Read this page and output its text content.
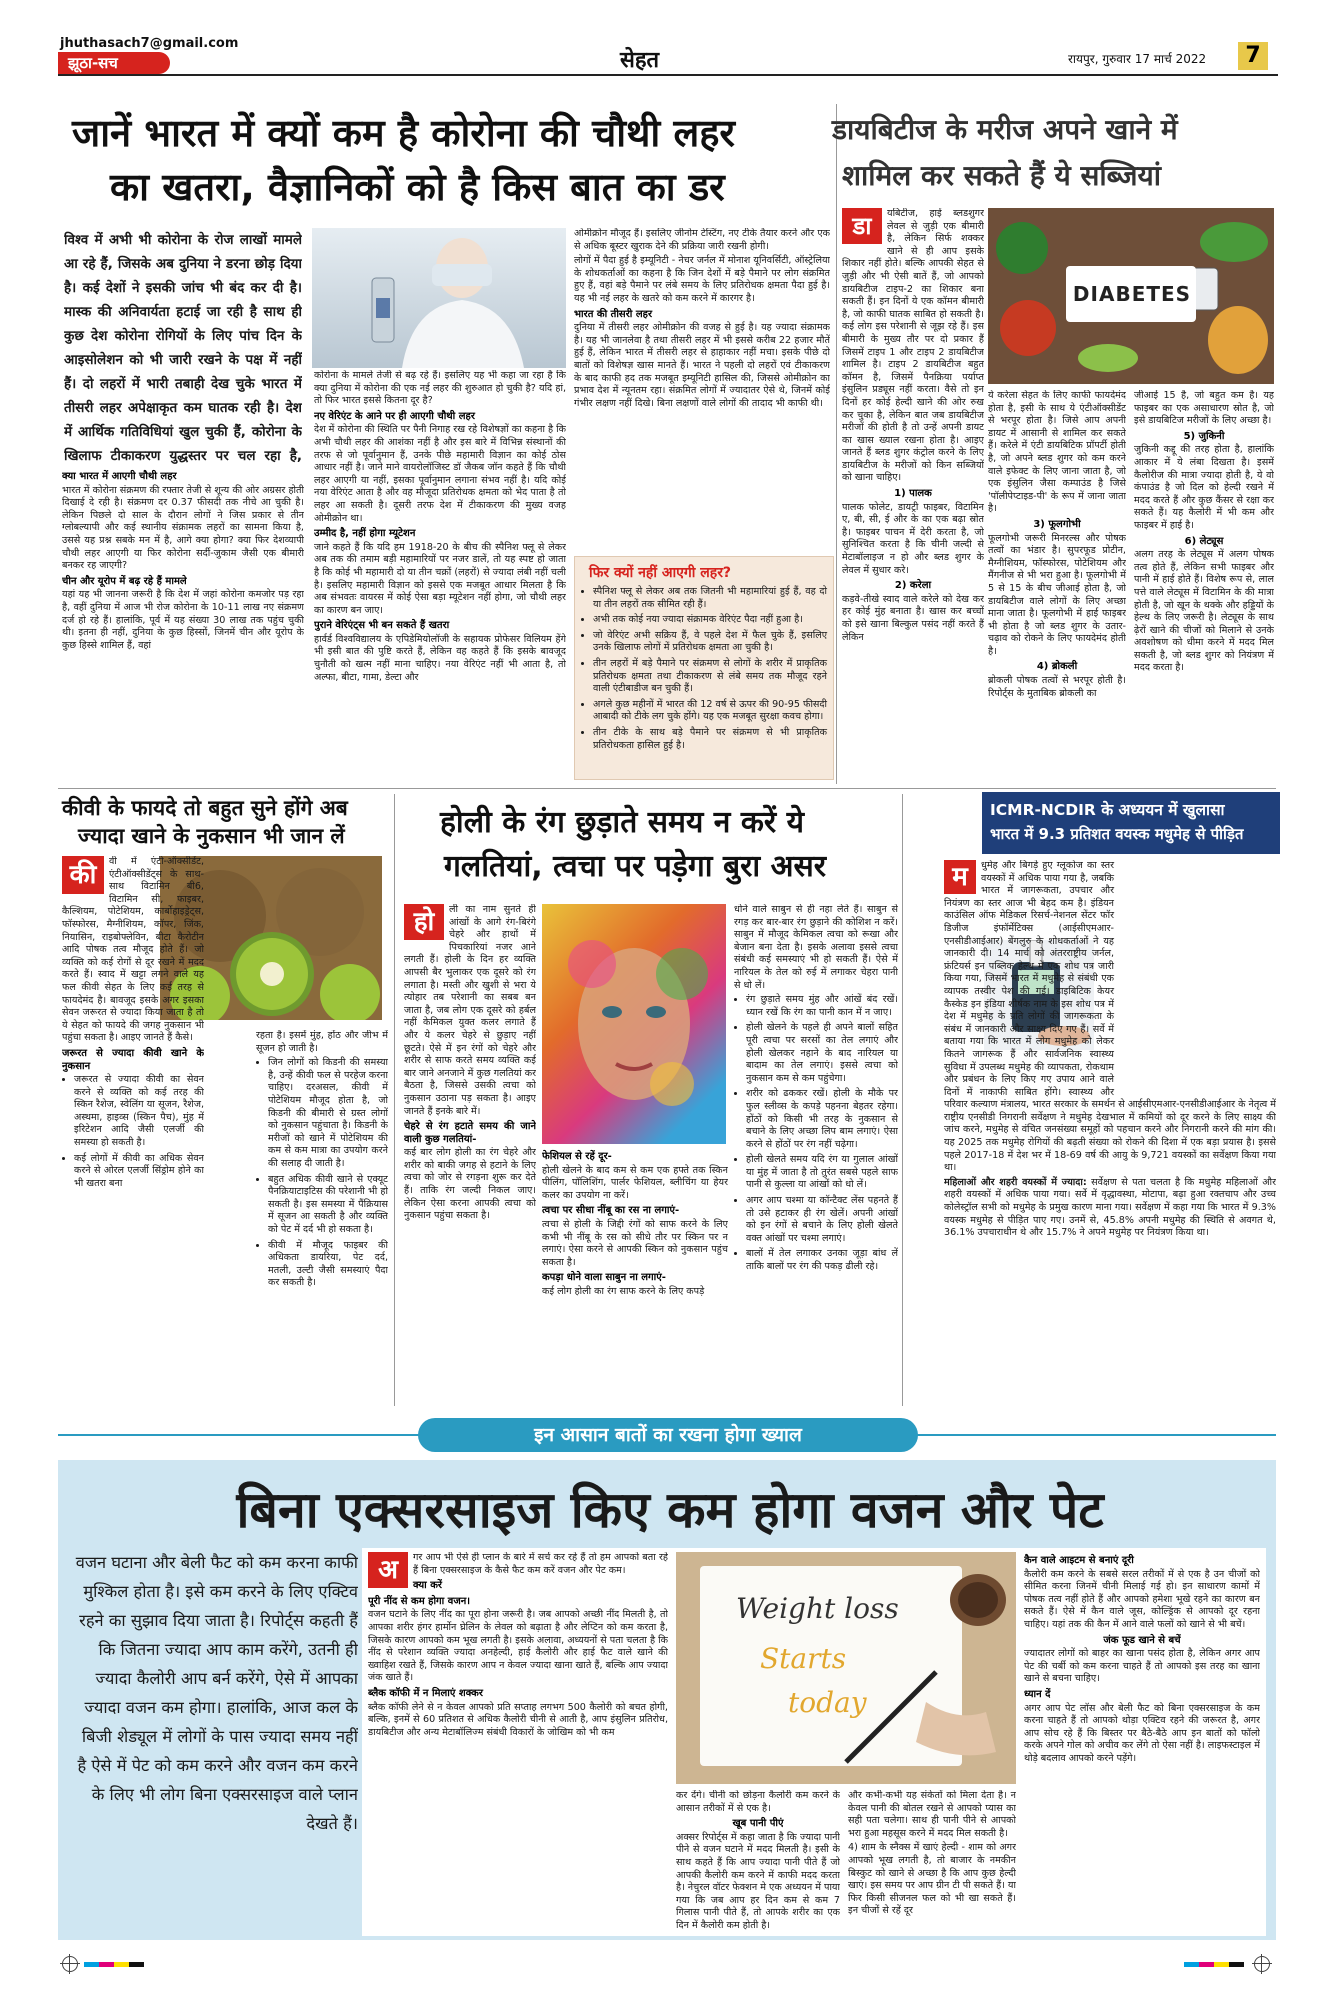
jhuthasach7@gmail.com
झूठा-सच	सेहत	रायपुर, गुरुवार 17 मार्च 2022	7
जानें भारत में क्यों कम है कोरोना की चौथी लहर
का खतरा, वैज्ञानिकों को है किस बात का डर
विश्व में अभी भी कोरोना के रोज लाखों मामले आ रहे हैं, जिसके अब दुनिया ने डरना छोड़ दिया है। कई देशों ने इसकी जांच भी बंद कर दी है। मास्क की अनिवार्यता हटाई जा रही है साथ ही कुछ देश कोरोना रोगियों के लिए पांच दिन के आइसोलेशन को भी जारी रखने के पक्ष में नहीं हैं। दो लहरों में भारी तबाही देख चुके भारत में तीसरी लहर अपेक्षाकृत कम घातक रही है। देश में आर्थिक गतिविधियां खुल चुकी हैं, कोरोना के खिलाफ टीकाकरण युद्धस्तर पर चल रहा है,
क्या भारत में आएगी चौथी लहर

भारत में कोरोना संक्रमण की रफ्तार तेजी से शून्य की ओर अग्रसर होती दिखाई दे रही है। संक्रमण दर 0.37 फीसदी तक नीचे आ चुकी है। लेकिन पिछले दो साल के दौरान लोगों ने जिस प्रकार से तीन ग्लोबल्यापी और कई स्थानीय संक्रामक लहरों का सामना किया है, उससे यह प्रश्न सबके मन में है, आगे क्या होगा? क्या फिर देशव्यापी चौथी लहर आएगी या फिर कोरोना सर्दी-जुकाम जैसी एक बीमारी बनकर रह जाएगी?

चीन और यूरोप में बढ़ रहे हैं मामले

यहां यह भी जानना जरूरी है कि देश में जहां कोरोना कमजोर पड़ रहा है, वहीं दुनिया में आज भी रोज कोरोना के 10-11 लाख नए संक्रमण दर्ज हो रहे हैं। हालांकि, पूर्व में यह संख्या 30 लाख तक पहुंच चुकी थी। इतना ही नहीं, दुनिया के कुछ हिस्सों, जिनमें चीन और यूरोप के कुछ हिस्से शामिल हैं, वहां

कोरोना के मामले तेजी से बढ़ रहे हैं। इसलिए यह भी कहा जा रहा है कि क्या दुनिया में कोरोना की एक नई लहर की शुरुआत हो चुकी है? यदि हां, तो फिर भारत इससे कितना दूर है?

नए वेरिएंट के आने पर ही आएगी चौथी लहर

देश में कोरोना की स्थिति पर पैनी निगाह रख रहे विशेषज्ञों का कहना है कि अभी चौथी लहर की आशंका नहीं है और इस बारे में विभिन्न संस्थानों की तरफ से जो पूर्वानुमान हैं, उनके पीछे महामारी विज्ञान का कोई ठोस आधार नहीं है। जाने माने वायरोलॉजिस्ट डॉ जैकब जॉन कहते हैं कि चौथी लहर आएगी या नहीं, इसका पूर्वानुमान लगाना संभव नहीं है। यदि कोई नया वेरिएंट आता है और वह मौजूदा प्रतिरोधक क्षमता को भेद पाता है तो लहर आ सकती है। दूसरी तरफ देश में टीकाकरण की मुख्य वजह ओमीक्रोन था।

उम्मीद है, नहीं होगा म्यूटेशन

जाने कहते हैं कि यदि हम 1918-20 के बीच की स्पैनिश फ्लू से लेकर अब तक की तमाम बड़ी महामारियों पर नजर डालें, तो यह स्पष्ट हो जाता है कि कोई भी महामारी दो या तीन चक्रों (लहरों) से ज्यादा लंबी नहीं चली है। इसलिए महामारी विज्ञान को इससे एक मजबूत आधार मिलता है कि अब संभवतः वायरस में कोई ऐसा बड़ा म्यूटेशन नहीं होगा, जो चौथी लहर का कारण बन जाए।

पुराने वेरिएंट्स भी बन सकते हैं खतरा

हार्वर्ड विश्वविद्यालय के एपिडेमियोलॉजी के सहायक प्रोफेसर विलियम हेंगे भी इसी बात की पुष्टि करते हैं, लेकिन वह कहते हैं कि इसके बावजूद चुनौती को खत्म नहीं माना चाहिए। नया वेरिएंट नहीं भी आता है, तो अल्फा, बीटा, गामा, डेल्टा और

ओमीक्रोन मौजूद हैं। इसलिए जीनोम टेस्टिंग, नए टीके तैयार करने और एक से अधिक बूस्टर खुराक देने की प्रक्रिया जारी रखनी होगी।

लोगों में पैदा हुई है इम्यूनिटी - नेचर जर्नल में मोनाश यूनिवर्सिटी, ऑस्ट्रेलिया के शोधकर्ताओं का कहना है कि जिन देशों में बड़े पैमाने पर लोग संक्रमित हुए हैं, वहां बड़े पैमाने पर लंबे समय के लिए प्रतिरोधक क्षमता पैदा हुई है। यह भी नई लहर के खतरे को कम करने में कारगर है।

भारत की तीसरी लहर

दुनिया में तीसरी लहर ओमीक्रोन की वजह से हुई है। यह ज्यादा संक्रामक है। यह भी जानलेवा है तथा तीसरी लहर में भी इससे करीब 22 हजार मौतें हुई हैं, लेकिन भारत में तीसरी लहर से हाहाकार नहीं मचा। इसके पीछे दो बातों को विशेषज्ञ खास मानते हैं। भारत ने पहली दो लहरों एवं टीकाकरण के बाद काफी हद तक मजबूत इम्यूनिटी हासिल की, जिससे ओमीक्रोन का प्रभाव देश में न्यूनतम रहा। संक्रमित लोगों में ज्यादातर ऐसे थे, जिनमें कोई गंभीर लक्षण नहीं दिखे। बिना लक्षणों वाले लोगों की तादाद भी काफी थी।

फिर क्यों नहीं आएगी लहर?
• स्पैनिश फ्लू से लेकर अब तक जितनी भी महामारियां हुई हैं, वह दो या तीन लहरों तक सीमित रही हैं।
• अभी तक कोई नया ज्यादा संक्रामक वेरिएंट पैदा नहीं हुआ है।
• जो वेरिएंट अभी सक्रिय हैं, वे पहले देश में फैल चुके हैं, इसलिए उनके खिलाफ लोगों में प्रतिरोधक क्षमता आ चुकी है।
• तीन लहरों में बड़े पैमाने पर संक्रमण से लोगों के शरीर में प्राकृतिक प्रतिरोधक क्षमता तथा टीकाकरण से लंबे समय तक मौजूद रहने वाली एंटीबाडीज बन चुकी हैं।
• अगले कुछ महीनों में भारत की 12 वर्ष से ऊपर की 90-95 फीसदी आबादी को टीके लग चुके होंगे। यह एक मजबूत सुरक्षा कवच होगा।
• तीन टीके के साथ बड़े पैमाने पर संक्रमण से भी प्राकृतिक प्रतिरोधकता हासिल हुई है।
डायबिटीज के मरीज अपने खाने में
शामिल कर सकते हैं ये सब्जियां
डा	यबिटीज, हाई ब्लडशुगर लेवल से जुड़ी एक बीमारी है, लेकिन सिर्फ शक्कर खाने से ही आप इसके शिकार नहीं होते। बल्कि आपकी सेहत से जुड़ी और भी ऐसी बातें हैं, जो आपको डायबिटीज टाइप-2 का शिकार बना सकती हैं। इन दिनों ये एक कॉमन बीमारी है, जो काफी घातक साबित हो सकती है। कई लोग इस परेशानी से जूझ रहे हैं। इस बीमारी के मुख्य तौर पर दो प्रकार हैं जिसमें टाइप 1 और टाइप 2 डायबिटीज शामिल है। टाइप 2 डायबिटीज बहुत कॉमन है, जिसमें पैनक्रिया पर्याप्त इंसुलिन प्रड्यूस नहीं करता। वैसे तो इन दिनों हर कोई हेल्दी खाने की ओर रुख कर चुका है, लेकिन बात जब डायबिटीज मरीजों की होती है तो उन्हें अपनी डायट का खास ख्याल रखना होता है। आइए जानते हैं ब्लड शुगर कंट्रोल करने के लिए डायबिटीज के मरीजों को किन सब्जियों को खाना चाहिए।

1) पालक

पालक फोलेट, डायट्री फाइबर, विटामिन ए, बी, सी, ई और के का एक बढ़ा स्रोत है। फाइबर पाचन में देरी करता है, जो सुनिश्चित करता है कि चीनी जल्दी से मेटाबॉलाइज न हो और ब्लड शुगर के लेवल में सुधार करे।

2) करेला

कड़वे-तीखे स्वाद वाले करेले को देख कर हर कोई मुंह बनाता है। खास कर बच्चों को इसे खाना बिल्कुल पसंद नहीं करते हैं लेकिन

DIABETES

ये करेला सेहत के लिए काफी फायदेमंद होता है, इसी के साथ ये एंटीऑक्सीडेंट से भरपूर होता है। जिसे आप अपनी डायट में आसानी से शामिल कर सकते हैं। करेले में एंटी डायबिटिक प्रॉपर्टी होती है, जो अपने ब्लड शुगर को कम करने वाले इफेक्ट के लिए जाना जाता है, जो एक इंसुलिन जैसा कम्पाउंड है जिसे 'पॉलीपेप्टाइड-पी' के रूप में जाना जाता है।

3) फूलगोभी

फूलगोभी जरूरी मिनरल्स और पोषक तत्वों का भंडार है। सुपरफूड प्रोटीन, मैग्नीशियम, फॉस्फोरस, पोटेशियम और मैंगनीज से भी भरा हुआ है। फूलगोभी में 5 से 15 के बीच जीआई होता है, जो डायबिटीज वाले लोगों के लिए अच्छा माना जाता है। फूलगोभी में हाई फाइबर भी होता है जो ब्लड शुगर के उतार-चढ़ाव को रोकने के लिए फायदेमंद होती है।

4) ब्रोकली

ब्रोकली पोषक तत्वों से भरपूर होती है। रिपोर्ट्स के मुताबिक ब्रोकली का

जीआई 15 है, जो बहुत कम है। यह फाइबर का एक असाधारण स्रोत है, जो इसे डायबिटिज मरीजों के लिए अच्छा है।

5) जुकिनी

जुकिनी कद्दू की तरह होता है, हालांकि आकार में ये लंबा दिखता है। इसमें कैलोरीज की मात्रा ज्यादा होती है, ये वो कंपाउंड है जो दिल को हेल्दी रखने में मदद करते हैं और कुछ कैंसर से रक्षा कर सकते हैं। यह कैलोरी में भी कम और फाइबर में हाई है।

6) लेट्यूस

अलग तरह के लेट्यूस में अलग पोषक तत्व होते हैं, लेकिन सभी फाइबर और पानी में हाई होते हैं। विशेष रूप से, लाल पत्ते वाले लेट्यूस में विटामिन के की मात्रा होती है, जो खून के थक्के और हड्डियों के हेल्थ के लिए जरूरी है। लेट्यूस के साथ ढ़ेरों खाने की चीजों को मिलाने से उनके अवशोषण को धीमा करने में मदद मिल सकती है, जो ब्लड शुगर को नियंत्रण में मदद करता है।

कीवी के फायदे तो बहुत सुने होंगे अब
ज्यादा खाने के नुकसान भी जान लें
की	वी में एंटी-ऑक्सीडेंट, एंटीऑक्सीडेंट्स के साथ-साथ विटामिन बी6, विटामिन सी, फाइबर, कैल्शियम, पोटेशियम, कार्बोहाइड्रेट्स, फॉस्फोरस, मैग्नीशियम, कॉपर, जिंक, नियासिन, राइबोफ्लेविन, बीटा कैरोटीन आदि पोषक तत्व मौजूद होते हैं। जो व्यक्ति को कई रोगों से दूर रखने में मदद करते हैं। स्वाद में खट्टा लगने वाले यह फल कीवी सेहत के लिए कई तरह से फायदेमंद है। बावजूद इसके अगर इसका सेवन जरूरत से ज्यादा किया जाता है तो ये सेहत को फायदे की जगह नुकसान भी पहुंचा सकता है। आइए जानते हैं कैसे।

जरूरत से ज्यादा कीवी खाने के नुकसान
• जरूरत से ज्यादा कीवी का सेवन करने से व्यक्ति को कई तरह की स्किन रैशेज, स्वेलिंग या सूजन, रैशेज, अस्थमा, हाइव्स (स्किन पैच), मुंह में इरिटेशन आदि जैसी एलर्जी की समस्या हो सकती है।
• कई लोगों में कीवी का अधिक सेवन करने से ओरल एलर्जी सिंड्रोम होने का भी खतरा बना

रहता है। इसमें मुंह, होंठ और जीभ में सूजन हो जाती है।

• जिन लोगों को किडनी की समस्या है, उन्हें कीवी फल से परहेज करना चाहिए। दरअसल, कीवी में पोटेशियम मौजूद होता है, जो किडनी की बीमारी से ग्रस्त लोगों को नुकसान पहुंचाता है। किडनी के मरीजों को खाने में पोटेशियम की कम से कम मात्रा का उपयोग करने की सलाह दी जाती है।
• बहुत अधिक कीवी खाने से एक्यूट पैनक्रियाटाइटिस की परेशानी भी हो सकती है। इस समस्या में पैंक्रियास में सूजन आ सकती है और व्यक्ति को पेट में दर्द भी हो सकता है।
• कीवी में मौजूद फाइबर की अधिकता डायरिया, पेट दर्द, मतली, उल्टी जैसी समस्याएं पैदा कर सकती है।
होली के रंग छुड़ाते समय न करें ये
गलतियां, त्वचा पर पड़ेगा बुरा असर
हो	ली का नाम सुनते ही आंखों के आगे रंग-बिरंगे चेहरे और हाथों में पिचकारियां नजर आने लगती हैं। होली के दिन हर व्यक्ति आपसी बैर भुलाकर एक दूसरे को रंग लगाता है। मस्ती और खुशी से भरा ये त्योहार तब परेशानी का सबब बन जाता है, जब लोग एक दूसरे को हर्बल नहीं केमिकल युक्त कलर लगाते हैं और ये कलर चेहरे से छुड़ाए नहीं छूटते। ऐसे में इन रंगों को चेहरे और शरीर से साफ करते समय व्यक्ति कई बार जाने अनजाने में कुछ गलतियां कर बैठता है, जिससे उसकी त्वचा को नुकसान उठाना पड़ सकता है। आइए जानते हैं इनके बारे में।

चेहरे से रंग हटाते समय की जाने वाली कुछ गलतियां-

कई बार लोग होली का रंग चेहरे और शरीर को बाकी जगह से हटाने के लिए त्वचा को जोर से रगड़ना शुरू कर देते हैं। ताकि रंग जल्दी निकल जाए। लेकिन ऐसा करना आपकी त्वचा को नुकसान पहुंचा सकता है।

फेशियल से रहें दूर-

होली खेलने के बाद कम से कम एक हफ्ते तक स्किन पीलिंग, पॉलिशिंग, पार्लर फेशियल, ब्लीचिंग या हेयर कलर का उपयोग ना करें।

त्वचा पर सीधा नींबू का रस ना लगाएं-

त्वचा से होली के जिद्दी रंगों को साफ करने के लिए कभी भी नींबू के रस को सीधे तौर पर स्किन पर न लगाएं। ऐसा करने से आपकी स्किन को नुकसान पहुंच सकता है।

कपड़ा धोने वाला साबुन ना लगाएं-

कई लोग होली का रंग साफ करने के लिए कपड़े

धोने वाले साबुन से ही नहा लेते हैं। साबुन से रगड़ कर बार-बार रंग छुड़ाने की कोशिश न करें। साबुन में मौजूद केमिकल त्वचा को रूखा और बेजान बना देता है। इसके अलावा इससे त्वचा संबंधी कई समस्याएं भी हो सकती हैं। ऐसे में नारियल के तेल को रुई में लगाकर चेहरा पानी से धो लें।

• रंग छुड़ाते समय मुंह और आंखें बंद रखें। ध्यान रखें कि रंग का पानी कान में न जाए।
• होली खेलने के पहले ही अपने बालों सहित पूरी त्वचा पर सरसों का तेल लगाएं और होली खेलकर नहाने के बाद नारियल या बादाम का तेल लगाएं। इससे त्वचा को नुकसान कम से कम पहुंचेगा।
• शरीर को ढककर रखें। होली के मौके पर फुल स्लीव्स के कपड़े पहनना बेहतर रहेगा। होंठों को किसी भी तरह के नुकसान से बचाने के लिए अच्छा लिप बाम लगाएं। ऐसा करने से होंठों पर रंग नहीं चढ़ेगा।
• होली खेलते समय यदि रंग या गुलाल आंखों या मुंह में जाता है तो तुरंत सबसे पहले साफ पानी से कुल्ला या आंखों को धो लें।
• अगर आप चश्मा या कॉन्टैक्ट लेंस पहनते हैं तो उसे हटाकर ही रंग खेलें। अपनी आंखों को इन रंगों से बचाने के लिए होली खेलते वक्त आंखों पर चश्मा लगाएं।
• बालों में तेल लगाकर उनका जूड़ा बांध लें ताकि बालों पर रंग की पकड़ ढीली रहे।
ICMR-NCDIR के अध्ययन में खुलासा
भारत में 9.3 प्रतिशत वयस्क मधुमेह से पीड़ित
म	धुमेह और बिगड़े हुए ग्लूकोज का स्तर वयस्कों में अधिक पाया गया है, जबकि भारत में जागरूकता, उपचार और नियंत्रण का स्तर आज भी बेहद कम है। इंडियन काउंसिल ऑफ मेडिकल रिसर्च-नेशनल सेंटर फॉर डिजीज इंफॉर्मेटिक्स (आईसीएमआर-एनसीडीआईआर) बेंगलुरु के शोधकर्ताओं ने यह जानकारी दी। 14 मार्च को अंतरराष्ट्रीय जर्नल, फ्रंटियर्स इन पब्लिक हेल्थ में एक शोध पत्र जारी किया गया, जिसमें भारत में मधुमेह से संबंधी एक व्यापक तस्वीर पेश की गई। डाइबिटिक केयर कैस्केड इन इंडिया शीर्षक नाम के इस शोध पत्र में देश में मधुमेह के प्रति लोगों की जागरूकता के संबंध में जानकारी और साक्ष्य दिए गए हैं। सर्वे में बताया गया कि भारत में लोग मधुमेह को लेकर कितने जागरूक हैं और सार्वजनिक स्वास्थ्य सुविधा में उपलब्ध मधुमेह की व्यापकता, रोकथाम और प्रबंधन के लिए किए गए उपाय आने वाले दिनों में नाकाफी साबित होंगे। स्वास्थ्य और परिवार कल्याण मंत्रालय, भारत सरकार के समर्थन से आईसीएमआर-एनसीडीआईआर के नेतृत्व में राष्ट्रीय एनसीडी निगरानी सर्वेक्षण ने मधुमेह देखभाल में कमियों को दूर करने के लिए साक्ष्य की जांच करने, मधुमेह से वंचित जनसंख्या समूहों को पहचान करने और निगरानी करने की मांग की। यह 2025 तक मधुमेह रोगियों की बढ़ती संख्या को रोकने की दिशा में एक बड़ा प्रयास है। इससे पहले 2017-18 में देश भर में 18-69 वर्ष की आयु के 9,721 वयस्कों का सर्वेक्षण किया गया था।

महिलाओं और शहरी वयस्कों में ज्यादा: सर्वेक्षण से पता चलता है कि मधुमेह महिलाओं और शहरी वयस्कों में अधिक पाया गया। सर्वे में वृद्धावस्था, मोटापा, बढ़ा हुआ रक्तचाप और उच्च कोलेस्ट्रॉल सभी को मधुमेह के प्रमुख कारण माना गया। सर्वेक्षण में कहा गया कि भारत में 9.3% वयस्क मधुमेह से पीड़ित पाए गए। उनमें से, 45.8% अपनी मधुमेह की स्थिति से अवगत थे, 36.1% उपचाराधीन थे और 15.7% ने अपने मधुमेह पर नियंत्रण किया था।

इन आसान बातों का रखना होगा ख्याल
बिना एक्सरसाइज किए कम होगा वजन और पेट
वजन घटाना और बेली फैट को कम करना काफी मुश्किल होता है। इसे कम करने के लिए एक्टिव रहने का सुझाव दिया जाता है। रिपोर्ट्स कहती हैं कि जितना ज्यादा आप काम करेंगे, उतनी ही ज्यादा कैलोरी आप बर्न करेंगे, ऐसे में आपका ज्यादा वजन कम होगा। हालांकि, आज कल के बिजी शेड्यूल में लोगों के पास ज्यादा समय नहीं है ऐसे में पेट को कम करने और वजन कम करने के लिए भी लोग बिना एक्सरसाइज वाले प्लान देखते हैं।
अ	गर आप भी ऐसे ही प्लान के बारे में सर्च कर रहे हैं तो हम आपको बता रहे हैं बिना एक्सरसाइज के कैसे फैट कम करें वजन और पेट कम।

क्या करें
पूरी नींद से कम होगा वजन।

वजन घटाने के लिए नींद का पूरा होना जरूरी है। जब आपको अच्छी नींद मिलती है, तो आपका शरीर हंगर हार्मोन घ्रेलिन के लेवल को बढ़ाता है और लेप्टिन को कम करता है, जिसके कारण आपको कम भूख लगती है। इसके अलावा, अध्ययनों से पता चलता है कि नींद से परेशान व्यक्ति ज्यादा अनहेल्दी, हाई कैलोरी और हाई फैट वाले खाने की ख्वाहिश रखते हैं, जिसके कारण आप न केवल ज्यादा खाना खाते हैं, बल्कि आप ज्यादा जंक खाते हैं।

ब्लैक कॉफी में न मिलाएं शक्कर

ब्लैक कॉफी लेने से न केवल आपको प्रति सप्ताह लगभग 500 कैलोरी को बचत होगी, बल्कि, इनमें से 60 प्रतिशत से अधिक कैलोरी चीनी से आती है, आप इंसुलिन प्रतिरोध, डायबिटीज और अन्य मेटाबॉलिज्म संबंधी विकारों के जोखिम को भी कम

Weight loss
Starts
today

कर देंगे। चीनी को छोड़ना कैलोरी कम करने के आसान तरीकों में से एक है।

खूब पानी पीएं

अक्सर रिपोर्ट्स में कहा जाता है कि ज्यादा पानी पीने से वजन घटाने में मदद मिलती है। इसी के साथ कहते हैं कि आप ज्यादा पानी पीते हैं जो आपकी कैलोरी कम करने में काफी मदद करता है। नेचुरल वॉटर फेक्शन मे एक अध्ययन में पाया गया कि जब आप हर दिन कम से कम 7 गिलास पानी पीते हैं, तो आपके शरीर का एक दिन में कैलोरी कम होती है।

और कभी-कभी यह संकेतों को मिला देता है। न केवल पानी की बोतल रखने से आपको प्यास का सही पता चलेगा। साथ ही पानी पीने से आपको भरा हुआ महसूस करने में मदद मिल सकती है।

4) शाम के स्नैक्स में खाएं हेल्दी - शाम को अगर आपको भूख लगती है, तो बाजार के नमकीन बिस्कुट को खाने से अच्छा है कि आप कुछ हेल्दी खाएं। इस समय पर आप ग्रीन टी पी सकते हैं। या फिर किसी सीजनल फल को भी खा सकते हैं। इन चीजों से रहें दूर

कैन वाले आइटम से बनाएं दूरी

कैलोरी कम करने के सबसे सरल तरीकों में से एक है उन चीजों को सीमित करना जिनमें चीनी मिलाई गई हो। इन साधारण कामों में पोषक तत्व नहीं होते हैं और आपको हमेशा भूखे रहने का कारण बन सकते हैं। ऐसे में कैन वाले जूस, कोल्ड्रिंक से आपको दूर रहना चाहिए। यहां तक की कैन में आने वाले फलों को खाने से भी बचें।

जंक फूड खाने से बचें

ज्यादातर लोगों को बाहर का खाना पसंद होता है, लेकिन अगर आप पेट की चर्बी को कम करना चाहते हैं तो आपको इस तरह का खाना खाने से बचना चाहिए।

ध्यान दें

अगर आप पेट लॉस और बेली फैट को बिना एक्सरसाइज के कम करना चाहते हैं तो आपको थोड़ा एक्टिव रहने की जरूरत है, अगर आप सोच रहे हैं कि बिस्तर पर बैठे-बैठे आप इन बातों को फॉलो करके अपने गोल को अचीव कर लेंगे तो ऐसा नहीं है। लाइफस्टाइल में थोड़े बदलाव आपको करने पड़ेंगे।
